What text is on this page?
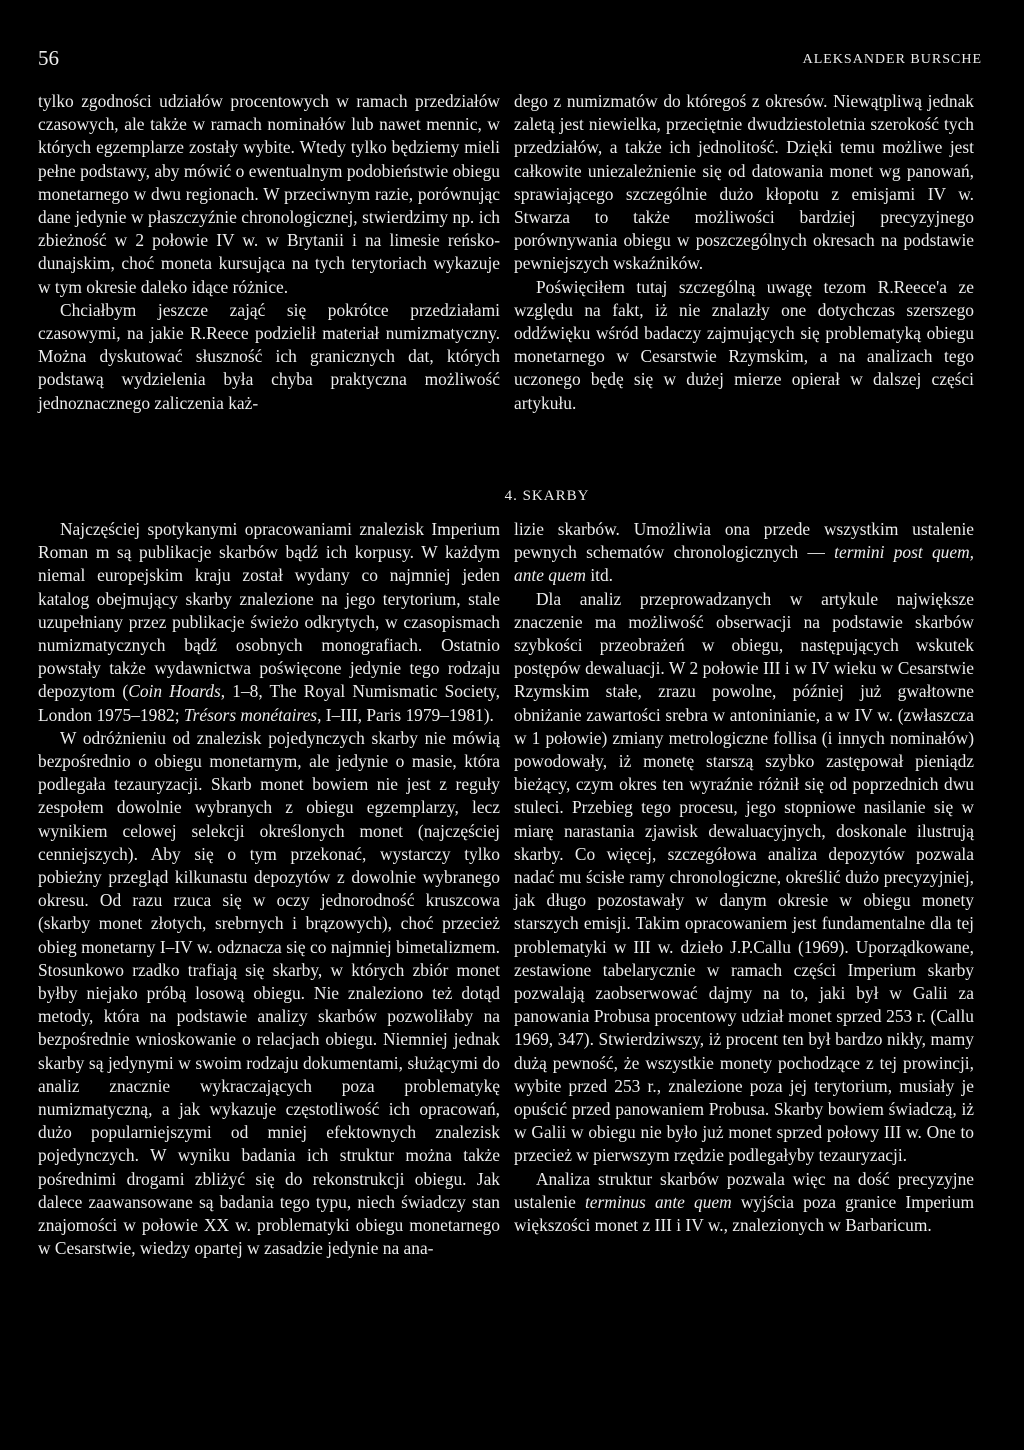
56	ALEKSANDER BURSCHE

tylko zgodności udziałów procentowych w ramach przedziałów czasowych, ale także w ramach nominałów lub nawet mennic, w których egzemplarze zostały wybite. Wtedy tylko będziemy mieli pełne podstawy, aby mówić o ewentualnym podobieństwie obiegu monetarnego w dwu regionach. W przeciwnym razie, porównując dane jedynie w płaszczyźnie chronologicznej, stwierdzimy np. ich zbieżność w 2 połowie IV w. w Brytanii i na limesie reńsko-dunajskim, choć moneta kursująca na tych terytoriach wykazuje w tym okresie daleko idące różnice.

Chciałbym jeszcze zająć się pokrótce przedziałami czasowymi, na jakie R.Reece podzielił materiał numizmatyczny. Można dyskutować słuszność ich granicznych dat, których podstawą wydzielenia była chyba praktyczna możliwość jednoznacznego zaliczenia każ-

dego z numizmatów do któregoś z okresów. Niewątpliwą jednak zaletą jest niewielka, przeciętnie dwudziestoletnia szerokość tych przedziałów, a także ich jednolitość. Dzięki temu możliwe jest całkowite uniezależnienie się od datowania monet wg panowań, sprawiającego szczególnie dużo kłopotu z emisjami IV w. Stwarza to także możliwości bardziej precyzyjnego porównywania obiegu w poszczególnych okresach na podstawie pewniejszych wskaźników.

Poświęciłem tutaj szczególną uwagę tezom R.Reece'a ze względu na fakt, iż nie znalazły one dotychczas szerszego oddźwięku wśród badaczy zajmujących się problematyką obiegu monetarnego w Cesarstwie Rzymskim, a na analizach tego uczonego będę się w dużej mierze opierał w dalszej części artykułu.

4. SKARBY

Najczęściej spotykanymi opracowaniami znalezisk Imperium Roman m są publikacje skarbów bądź ich korpusy. W każdym niemal europejskim kraju został wydany co najmniej jeden katalog obejmujący skarby znalezione na jego terytorium, stale uzupełniany przez publikacje świeżo odkrytych, w czasopismach numizmatycznych bądź osobnych monografiach. Ostatnio powstały także wydawnictwa poświęcone jedynie tego rodzaju depozytom (Coin Hoards, 1–8, The Royal Numismatic Society, London 1975–1982; Trésors monétaires, I–III, Paris 1979–1981).

W odróżnieniu od znalezisk pojedynczych skarby nie mówią bezpośrednio o obiegu monetarnym, ale jedynie o masie, która podlegała tezauryzacji. Skarb monet bowiem nie jest z reguły zespołem dowolnie wybranych z obiegu egzemplarzy, lecz wynikiem celowej selekcji określonych monet (najczęściej cenniejszych). Aby się o tym przekonać, wystarczy tylko pobieżny przegląd kilkunastu depozytów z dowolnie wybranego okresu. Od razu rzuca się w oczy jednorodność kruszcowa (skarby monet złotych, srebrnych i brązowych), choć przecież obieg monetarny I–IV w. odznacza się co najmniej bimetalizmem. Stosunkowo rzadko trafiają się skarby, w których zbiór monet byłby niejako próbą losową obiegu. Nie znaleziono też dotąd metody, która na podstawie analizy skarbów pozwoliłaby na bezpośrednie wnioskowanie o relacjach obiegu. Niemniej jednak skarby są jedynymi w swoim rodzaju dokumentami, służącymi do analiz znacznie wykraczających poza problematykę numizmatyczną, a jak wykazuje częstotliwość ich opracowań, dużo popularniejszymi od mniej efektownych znalezisk pojedynczych. W wyniku badania ich struktur można także pośrednimi drogami zbliżyć się do rekonstrukcji obiegu. Jak dalece zaawansowane są badania tego typu, niech świadczy stan znajomości w połowie XX w. problematyki obiegu monetarnego w Cesarstwie, wiedzy opartej w zasadzie jedynie na ana-

lizie skarbów. Umożliwia ona przede wszystkim ustalenie pewnych schematów chronologicznych — termini post quem, ante quem itd.

Dla analiz przeprowadzanych w artykule największe znaczenie ma możliwość obserwacji na podstawie skarbów szybkości przeobrażeń w obiegu, następujących wskutek postępów dewaluacji. W 2 połowie III i w IV wieku w Cesarstwie Rzymskim stałe, zrazu powolne, później już gwałtowne obniżanie zawartości srebra w antoninianie, a w IV w. (zwłaszcza w 1 połowie) zmiany metrologiczne follisa (i innych nominałów) powodowały, iż monetę starszą szybko zastępował pieniądz bieżący, czym okres ten wyraźnie różnił się od poprzednich dwu stuleci. Przebieg tego procesu, jego stopniowe nasilanie się w miarę narastania zjawisk dewaluacyjnych, doskonale ilustrują skarby. Co więcej, szczegółowa analiza depozytów pozwala nadać mu ścisłe ramy chronologiczne, określić dużo precyzyjniej, jak długo pozostawały w danym okresie w obiegu monety starszych emisji. Takim opracowaniem jest fundamentalne dla tej problematyki w III w. dzieło J.P.Callu (1969). Uporządkowane, zestawione tabelarycznie w ramach części Imperium skarby pozwalają zaobserwować dajmy na to, jaki był w Galii za panowania Probusa procentowy udział monet sprzed 253 r. (Callu 1969, 347). Stwierdziwszy, iż procent ten był bardzo nikły, mamy dużą pewność, że wszystkie monety pochodzące z tej prowincji, wybite przed 253 r., znalezione poza jej terytorium, musiały je opuścić przed panowaniem Probusa. Skarby bowiem świadczą, iż w Galii w obiegu nie było już monet sprzed połowy III w. One to przecież w pierwszym rzędzie podlegałyby tezauryzacji.

Analiza struktur skarbów pozwala więc na dość precyzyjne ustalenie terminus ante quem wyjścia poza granice Imperium większości monet z III i IV w., znalezionych w Barbaricum.
